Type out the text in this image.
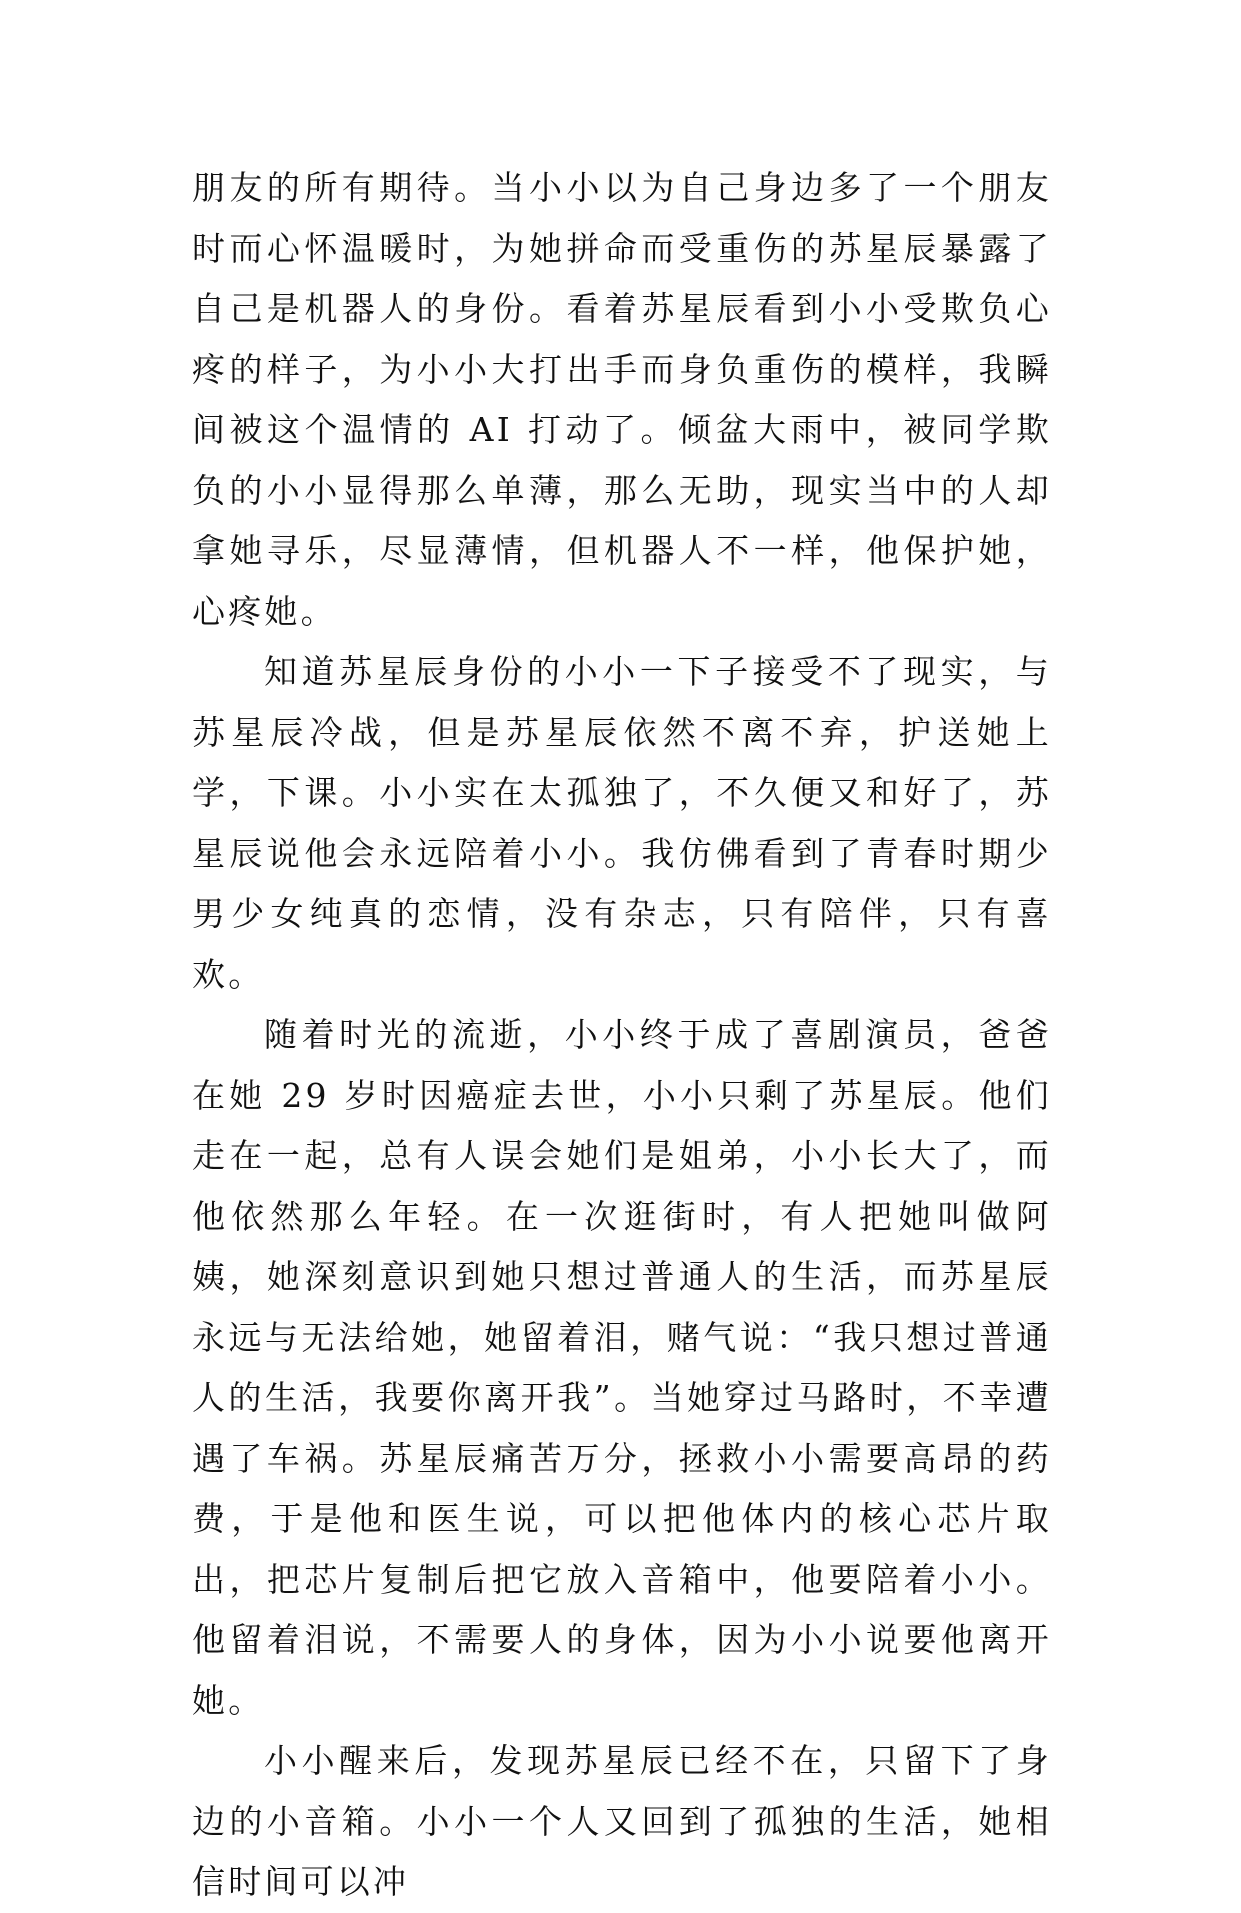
朋友的所有期待。当小小以为自己身边多了一个朋友时而心怀温暖时，为她拼命而受重伤的苏星辰暴露了自己是机器人的身份。看着苏星辰看到小小受欺负心疼的样子，为小小大打出手而身负重伤的模样，我瞬间被这个温情的 AI 打动了。倾盆大雨中，被同学欺负的小小显得那么单薄，那么无助，现实当中的人却拿她寻乐，尽显薄情，但机器人不一样，他保护她，心疼她。

知道苏星辰身份的小小一下子接受不了现实，与苏星辰冷战，但是苏星辰依然不离不弃，护送她上学，下课。小小实在太孤独了，不久便又和好了，苏星辰说他会永远陪着小小。我仿佛看到了青春时期少男少女纯真的恋情，没有杂志，只有陪伴，只有喜欢。

随着时光的流逝，小小终于成了喜剧演员，爸爸在她 29 岁时因癌症去世，小小只剩了苏星辰。他们走在一起，总有人误会她们是姐弟，小小长大了，而他依然那么年轻。在一次逛街时，有人把她叫做阿姨，她深刻意识到她只想过普通人的生活，而苏星辰永远与无法给她，她留着泪，赌气说：“我只想过普通人的生活，我要你离开我”。当她穿过马路时，不幸遭遇了车祸。苏星辰痛苦万分，拯救小小需要高昂的药费，于是他和医生说，可以把他体内的核心芯片取出，把芯片复制后把它放入音箱中，他要陪着小小。他留着泪说，不需要人的身体，因为小小说要他离开她。

小小醒来后，发现苏星辰已经不在，只留下了身边的小音箱。小小一个人又回到了孤独的生活，她相信时间可以冲
